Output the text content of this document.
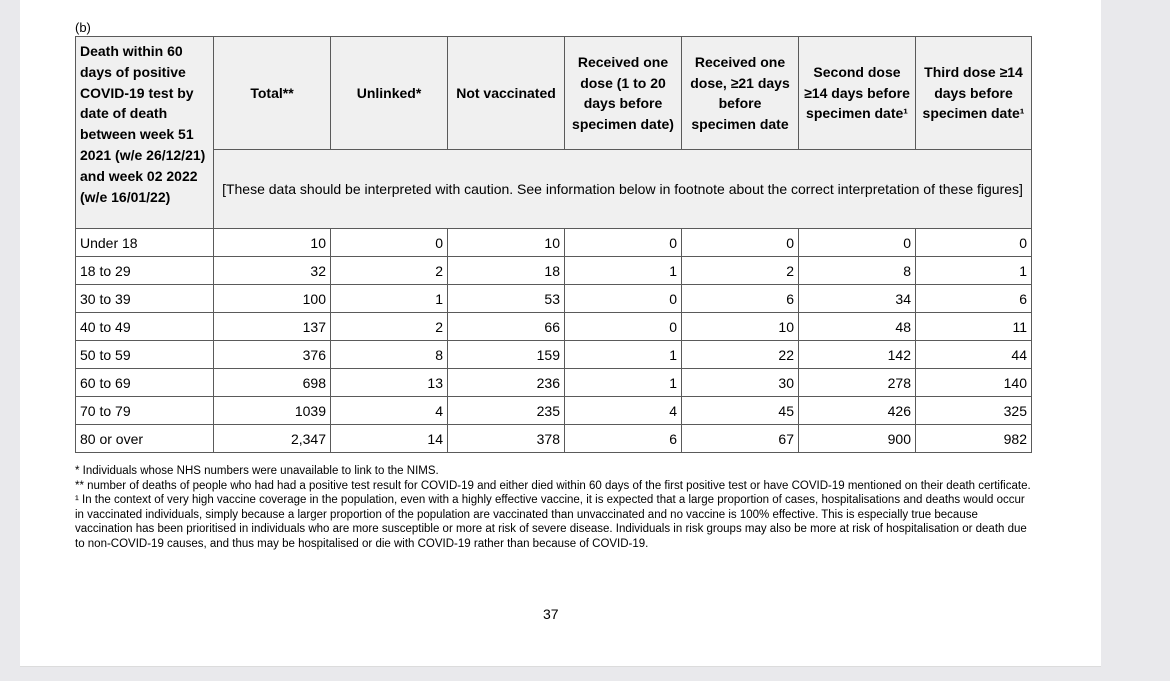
(b)
Death within 60 days of positive COVID-19 test by date of death between week 51 2021 (w/e 26/12/21) and week 02 2022 (w/e 16/01/22)	Total**	Unlinked*	Not vaccinated	Received one dose (1 to 20 days before specimen date)	Received one dose, ≥21 days before specimen date	Second dose ≥14 days before specimen date¹	Third dose ≥14 days before specimen date¹
	[These data should be interpreted with caution. See information below in footnote about the correct interpretation of these figures]						
Under 18	10	0	10	0	0	0	0
18 to 29	32	2	18	1	2	8	1
30 to 39	100	1	53	0	6	34	6
40 to 49	137	2	66	0	10	48	11
50 to 59	376	8	159	1	22	142	44
60 to 69	698	13	236	1	30	278	140
70 to 79	1039	4	235	4	45	426	325
80 or over	2,347	14	378	6	67	900	982

* Individuals whose NHS numbers were unavailable to link to the NIMS.

** number of deaths of people who had had a positive test result for COVID-19 and either died within 60 days of the first positive test or have COVID-19 mentioned on their death certificate.

¹ In the context of very high vaccine coverage in the population, even with a highly effective vaccine, it is expected that a large proportion of cases, hospitalisations and deaths would occur in vaccinated individuals, simply because a larger proportion of the population are vaccinated than unvaccinated and no vaccine is 100% effective. This is especially true because vaccination has been prioritised in individuals who are more susceptible or more at risk of severe disease. Individuals in risk groups may also be more at risk of hospitalisation or death due to non-COVID-19 causes, and thus may be hospitalised or die with COVID-19 rather than because of COVID-19.

37
